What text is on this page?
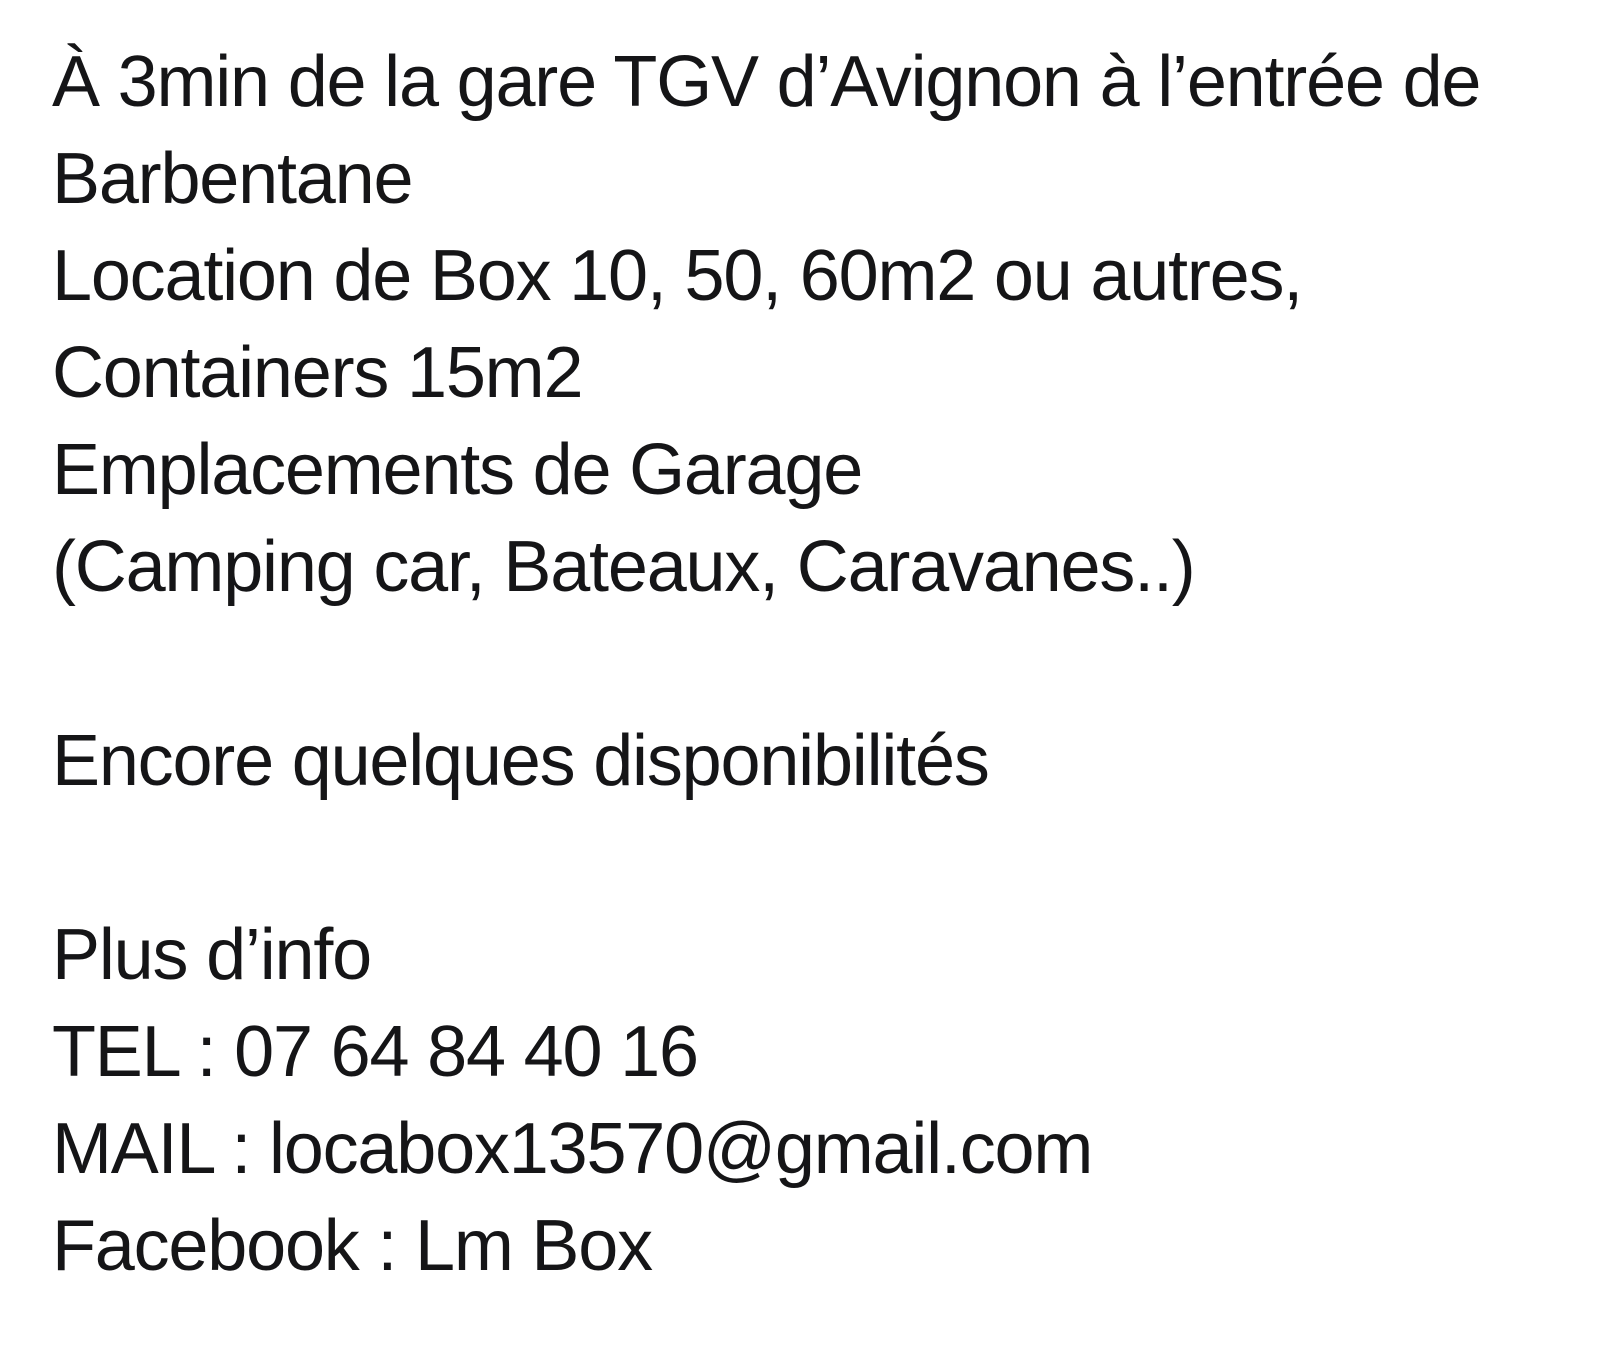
À 3min de la gare TGV d’Avignon à l’entrée de
Barbentane
Location de Box 10, 50, 60m2 ou autres,
Containers 15m2
Emplacements de Garage
(Camping car, Bateaux, Caravanes..)
Encore quelques disponibilités
Plus d’info
TEL : 07 64 84 40 16
MAIL : locabox13570@gmail.com
Facebook : Lm Box
